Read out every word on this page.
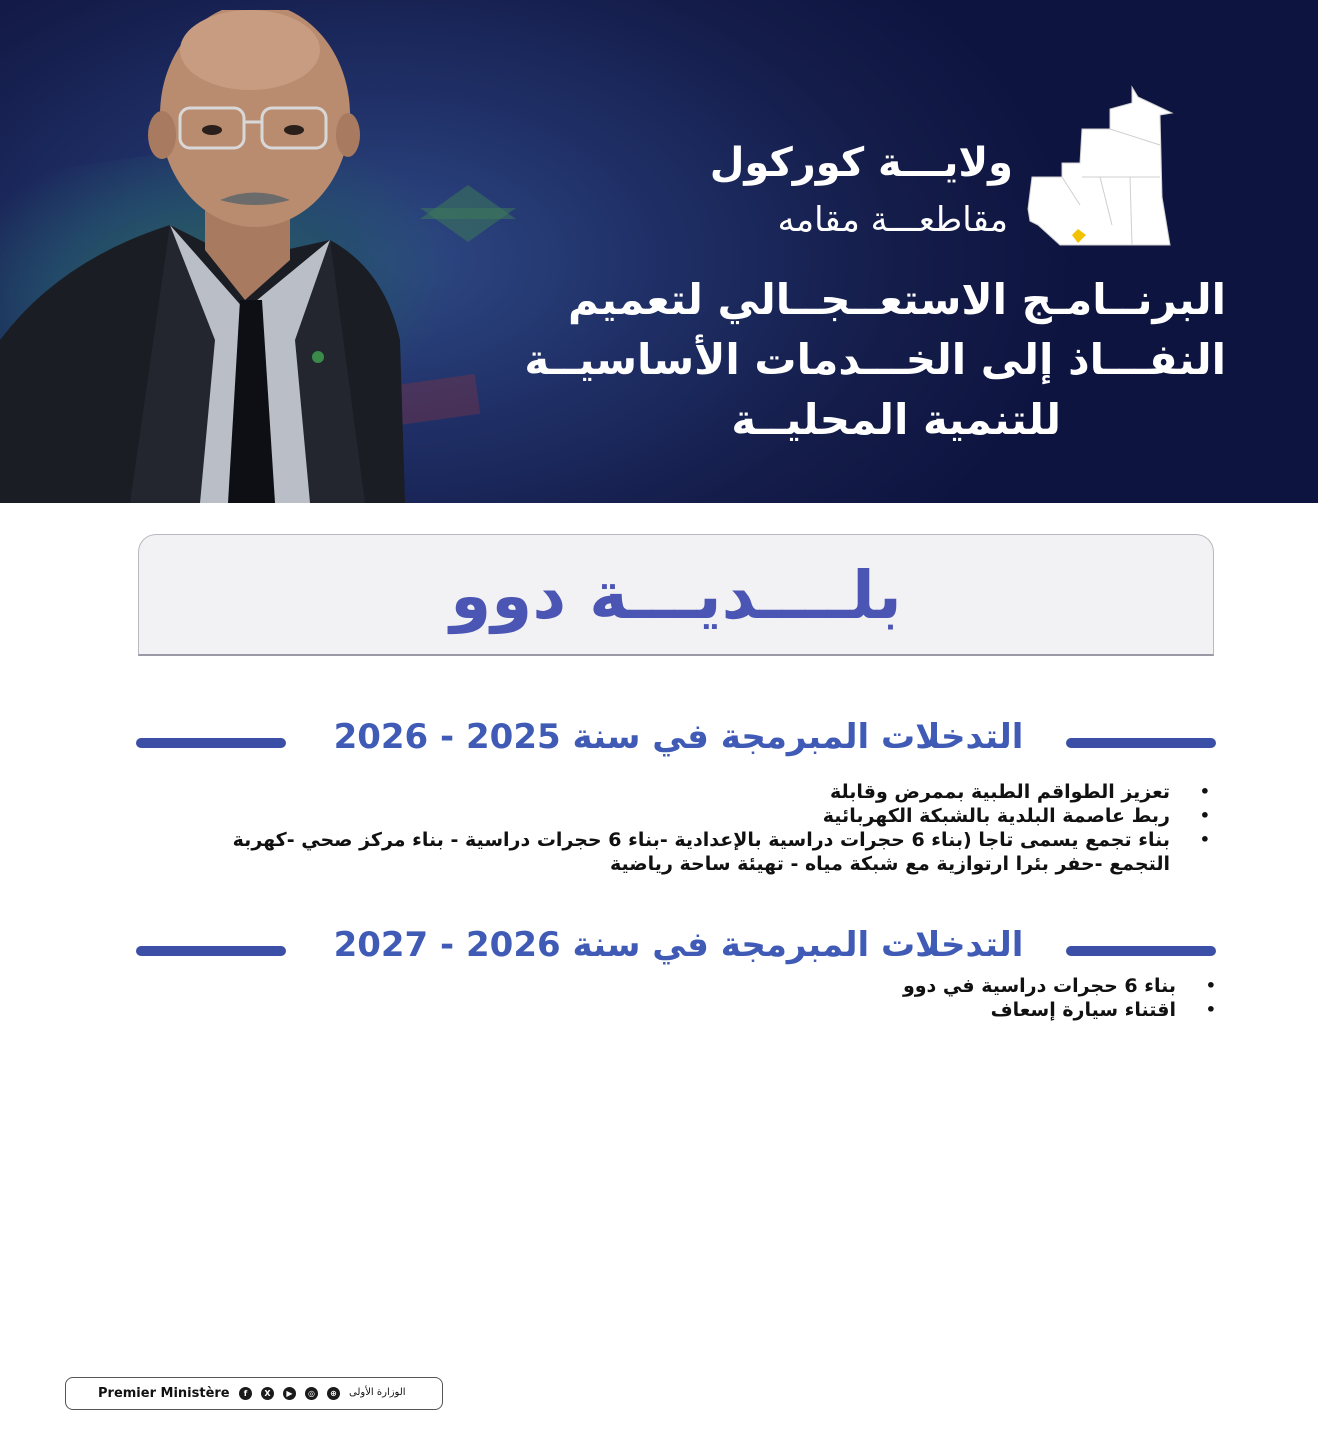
ولايـــة كوركول
مقاطعـــة مقامه
البرنــامـج الاستعــجــالي لتعميم
النفـــاذ إلى الخـــدمات الأساسيــة
للتنمية المحليــة
بلــــديـــة دوو
التدخلات المبرمجة في سنة 2025 - 2026
•
تعزيز الطواقم الطبية بممرض وقابلة
•
ربط عاصمة البلدية بالشبكة الكهربائية
•
بناء تجمع يسمى تاجا (بناء 6 حجرات دراسية بالإعدادية -بناء 6 حجرات دراسية - بناء مركز صحي -كهربة التجمع -حفر بئرا ارتوازية مع شبكة مياه - تهيئة ساحة رياضية
التدخلات المبرمجة في سنة 2026 - 2027
•
بناء 6 حجرات دراسية في دوو
•
اقتناء سيارة إسعاف
Premier Ministère	f	X	▶	◎	⊕	الوزارة الأولى
